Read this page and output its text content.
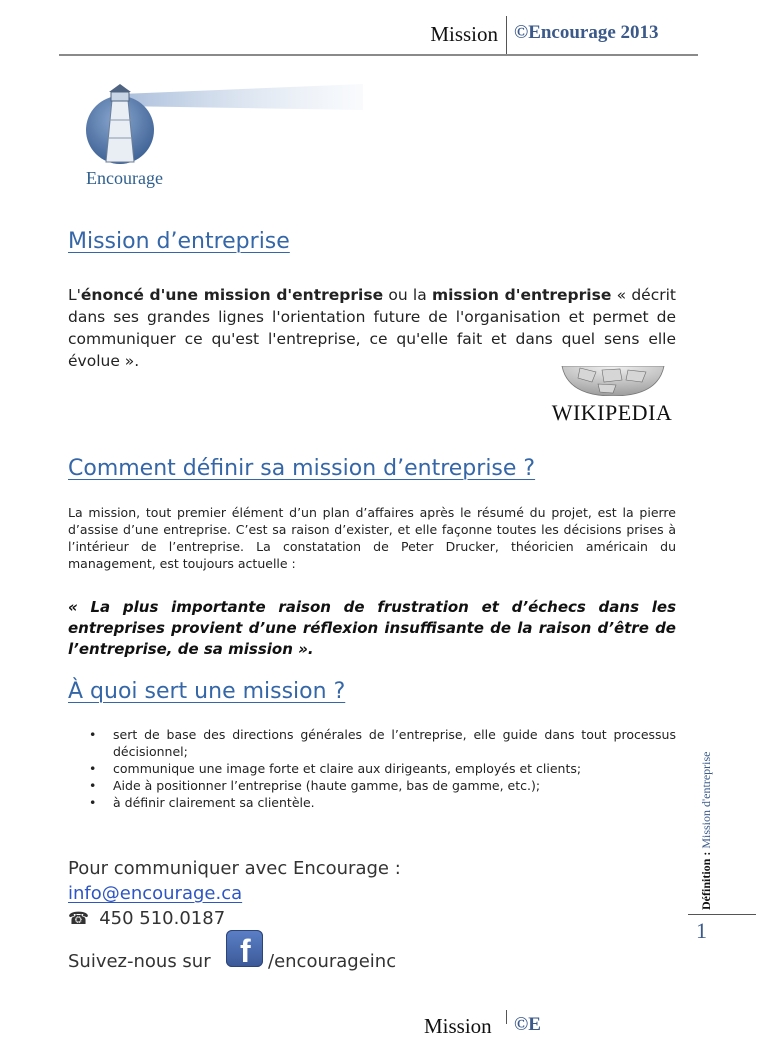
Mission ©Encourage 2013
Encourage
Mission d’entreprise
L'énoncé d'une mission d'entreprise ou la mission d'entreprise « décrit dans ses grandes lignes l'orientation future de l'organisation et permet de communiquer ce qu'est l'entreprise, ce qu'elle fait et dans quel sens elle évolue ».
WIKIPEDIA
Comment définir sa mission d’entreprise ?
La mission, tout premier élément d’un plan d’affaires après le résumé du projet, est la pierre d’assise d’une entreprise. C’est sa raison d’exister, et elle façonne toutes les décisions prises à l’intérieur de l’entreprise. La constatation de Peter Drucker, théoricien américain du management, est toujours actuelle :
« La plus importante raison de frustration et d’échecs dans les entreprises provient d’une réflexion insuffisante de la raison d’être de l’entreprise, de sa mission ».
À quoi sert une mission ?
• sert de base des directions générales de l’entreprise, elle guide dans tout processus décisionnel;
• communique une image forte et claire aux dirigeants, employés et clients;
• Aide à positionner l’entreprise (haute gamme, bas de gamme, etc.);
• à définir clairement sa clientèle.
Pour communiquer avec Encourage :
info@encourage.ca
☎ 450 510.0187
Suivez-nous sur f /encourageinc
Définition : Mission d'entreprise
1
Mission ©E
